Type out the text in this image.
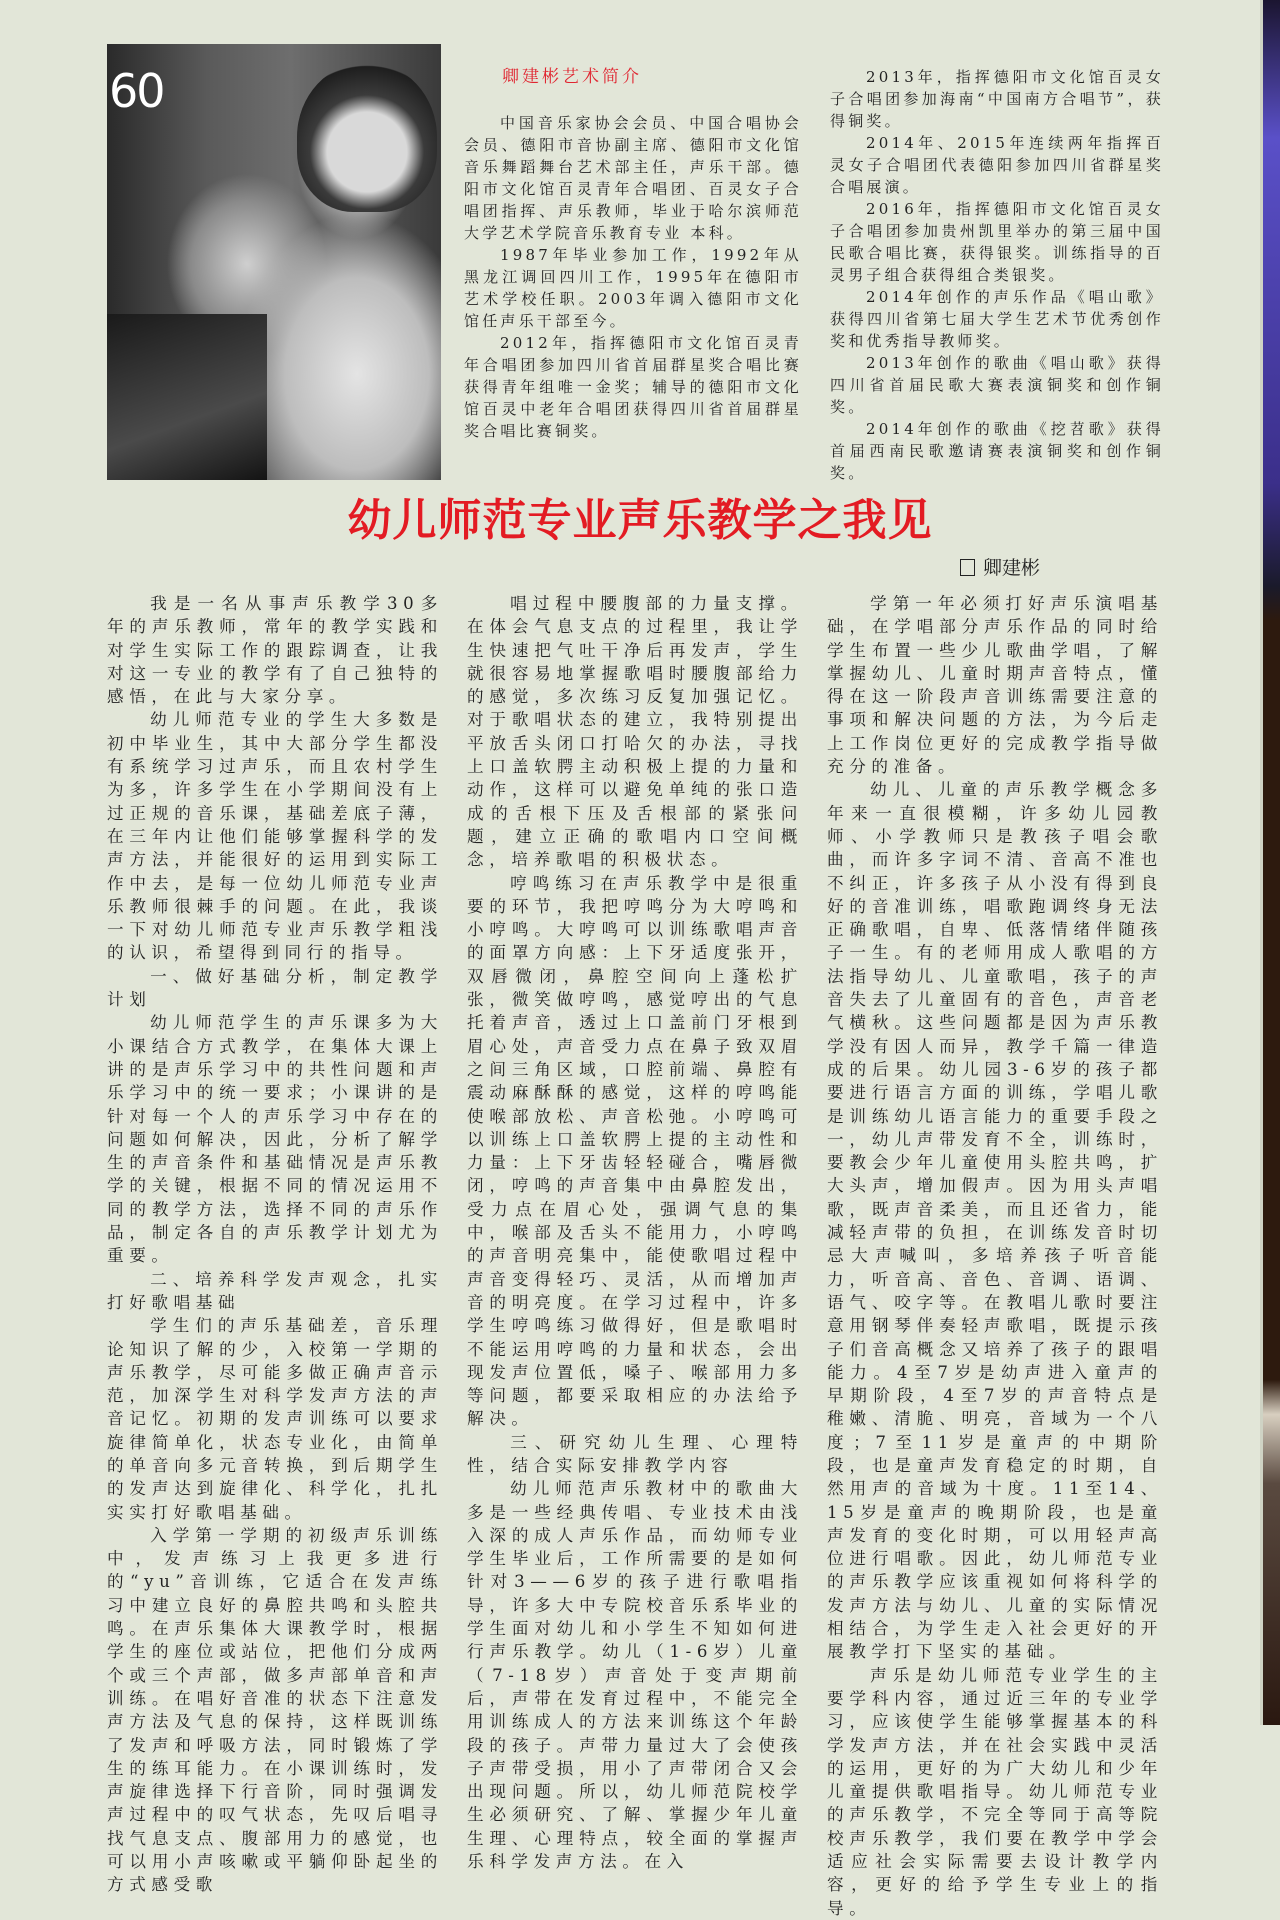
60	卿建彬艺术简介

中国音乐家协会会员、中国合唱协会会员、德阳市音协副主席、德阳市文化馆音乐舞蹈舞台艺术部主任，声乐干部。德阳市文化馆百灵青年合唱团、百灵女子合唱团指挥、声乐教师，毕业于哈尔滨师范大学艺术学院音乐教育专业 本科。

1987年毕业参加工作，1992年从黑龙江调回四川工作，1995年在德阳市艺术学校任职。2003年调入德阳市文化馆任声乐干部至今。

2012年，指挥德阳市文化馆百灵青年合唱团参加四川省首届群星奖合唱比赛获得青年组唯一金奖；辅导的德阳市文化馆百灵中老年合唱团获得四川省首届群星奖合唱比赛铜奖。

2013年，指挥德阳市文化馆百灵女子合唱团参加海南“中国南方合唱节”，获得铜奖。

2014年、2015年连续两年指挥百灵女子合唱团代表德阳参加四川省群星奖合唱展演。

2016年，指挥德阳市文化馆百灵女子合唱团参加贵州凯里举办的第三届中国民歌合唱比赛，获得银奖。训练指导的百灵男子组合获得组合类银奖。

2014年创作的声乐作品《唱山歌》获得四川省第七届大学生艺术节优秀创作奖和优秀指导教师奖。

2013年创作的歌曲《唱山歌》获得四川省首届民歌大赛表演铜奖和创作铜奖。

2014年创作的歌曲《挖苕歌》获得首届西南民歌邀请赛表演铜奖和创作铜奖。

幼儿师范专业声乐教学之我见
卿建彬

我是一名从事声乐教学30多年的声乐教师，常年的教学实践和对学生实际工作的跟踪调查，让我对这一专业的教学有了自己独特的感悟，在此与大家分享。

幼儿师范专业的学生大多数是初中毕业生，其中大部分学生都没有系统学习过声乐，而且农村学生为多，许多学生在小学期间没有上过正规的音乐课，基础差底子薄，在三年内让他们能够掌握科学的发声方法，并能很好的运用到实际工作中去，是每一位幼儿师范专业声乐教师很棘手的问题。在此，我谈一下对幼儿师范专业声乐教学粗浅的认识，希望得到同行的指导。

一、做好基础分析，制定教学计划

幼儿师范学生的声乐课多为大小课结合方式教学，在集体大课上讲的是声乐学习中的共性问题和声乐学习中的统一要求；小课讲的是针对每一个人的声乐学习中存在的问题如何解决，因此，分析了解学生的声音条件和基础情况是声乐教学的关键，根据不同的情况运用不同的教学方法，选择不同的声乐作品，制定各自的声乐教学计划尤为重要。

二、培养科学发声观念，扎实打好歌唱基础

学生们的声乐基础差，音乐理论知识了解的少，入校第一学期的声乐教学，尽可能多做正确声音示范，加深学生对科学发声方法的声音记忆。初期的发声训练可以要求旋律简单化，状态专业化，由简单的单音向多元音转换，到后期学生的发声达到旋律化、科学化，扎扎实实打好歌唱基础。

入学第一学期的初级声乐训练中，发声练习上我更多进行的“yu”音训练，它适合在发声练习中建立良好的鼻腔共鸣和头腔共鸣。在声乐集体大课教学时，根据学生的座位或站位，把他们分成两个或三个声部，做多声部单音和声训练。在唱好音准的状态下注意发声方法及气息的保持，这样既训练了发声和呼吸方法，同时锻炼了学生的练耳能力。在小课训练时，发声旋律选择下行音阶，同时强调发声过程中的叹气状态，先叹后唱寻找气息支点、腹部用力的感觉，也可以用小声咳嗽或平躺仰卧起坐的方式感受歌

唱过程中腰腹部的力量支撑。在体会气息支点的过程里，我让学生快速把气吐干净后再发声，学生就很容易地掌握歌唱时腰腹部给力的感觉，多次练习反复加强记忆。 对于歌唱状态的建立，我特别提出平放舌头闭口打哈欠的办法，寻找上口盖软腭主动积极上提的力量和动作，这样可以避免单纯的张口造成的舌根下压及舌根部的紧张问题，建立正确的歌唱内口空间概念，培养歌唱的积极状态。

哼鸣练习在声乐教学中是很重要的环节，我把哼鸣分为大哼鸣和小哼鸣。大哼鸣可以训练歌唱声音的面罩方向感：上下牙适度张开，双唇微闭，鼻腔空间向上蓬松扩张，微笑做哼鸣，感觉哼出的气息托着声音，透过上口盖前门牙根到眉心处，声音受力点在鼻子致双眉之间三角区域，口腔前端、鼻腔有震动麻酥酥的感觉，这样的哼鸣能使喉部放松、声音松弛。小哼鸣可以训练上口盖软腭上提的主动性和力量：上下牙齿轻轻碰合，嘴唇微闭，哼鸣的声音集中由鼻腔发出，受力点在眉心处，强调气息的集中，喉部及舌头不能用力，小哼鸣的声音明亮集中，能使歌唱过程中声音变得轻巧、灵活，从而增加声音的明亮度。在学习过程中，许多学生哼鸣练习做得好，但是歌唱时不能运用哼鸣的力量和状态，会出现发声位置低，嗓子、喉部用力多等问题，都要采取相应的办法给予解决。

三、研究幼儿生理、心理特性，结合实际安排教学内容

幼儿师范声乐教材中的歌曲大多是一些经典传唱、专业技术由浅入深的成人声乐作品，而幼师专业学生毕业后，工作所需要的是如何针对3——6岁的孩子进行歌唱指导，许多大中专院校音乐系毕业的学生面对幼儿和小学生不知如何进行声乐教学。幼儿（1-6岁）儿童（7-18岁）声音处于变声期前后，声带在发育过程中，不能完全用训练成人的方法来训练这个年龄段的孩子。声带力量过大了会使孩子声带受损，用小了声带闭合又会出现问题。所以，幼儿师范院校学生必须研究、了解、掌握少年儿童生理、心理特点，较全面的掌握声乐科学发声方法。在入

学第一年必须打好声乐演唱基础，在学唱部分声乐作品的同时给学生布置一些少儿歌曲学唱，了解掌握幼儿、儿童时期声音特点，懂得在这一阶段声音训练需要注意的事项和解决问题的方法，为今后走上工作岗位更好的完成教学指导做充分的准备。

幼儿、儿童的声乐教学概念多年来一直很模糊，许多幼儿园教师、小学教师只是教孩子唱会歌曲，而许多字词不清、音高不准也不纠正，许多孩子从小没有得到良好的音准训练，唱歌跑调终身无法正确歌唱，自卑、低落情绪伴随孩子一生。有的老师用成人歌唱的方法指导幼儿、儿童歌唱，孩子的声音失去了儿童固有的音色，声音老气横秋。这些问题都是因为声乐教学没有因人而异，教学千篇一律造成的后果。幼儿园3-6岁的孩子都要进行语言方面的训练，学唱儿歌是训练幼儿语言能力的重要手段之一，幼儿声带发育不全，训练时，要教会少年儿童使用头腔共鸣，扩大头声，增加假声。因为用头声唱歌，既声音柔美，而且还省力，能减轻声带的负担，在训练发音时切忌大声喊叫，多培养孩子听音能力，听音高、音色、音调、语调、语气、咬字等。在教唱儿歌时要注意用钢琴伴奏轻声歌唱，既提示孩子们音高概念又培养了孩子的跟唱能力。4至7岁是幼声进入童声的早期阶段，4至7岁的声音特点是稚嫩、清脆、明亮，音域为一个八度；7至11岁是童声的中期阶段，也是童声发育稳定的时期，自然用声的音域为十度。11至14、15岁是童声的晚期阶段，也是童声发育的变化时期，可以用轻声高位进行唱歌。因此，幼儿师范专业的声乐教学应该重视如何将科学的发声方法与幼儿、儿童的实际情况相结合，为学生走入社会更好的开展教学打下坚实的基础。

声乐是幼儿师范专业学生的主要学科内容，通过近三年的专业学习，应该使学生能够掌握基本的科学发声方法，并在社会实践中灵活的运用，更好的为广大幼儿和少年儿童提供歌唱指导。幼儿师范专业的声乐教学，不完全等同于高等院校声乐教学，我们要在教学中学会适应社会实际需要去设计教学内容，更好的给予学生专业上的指导。
